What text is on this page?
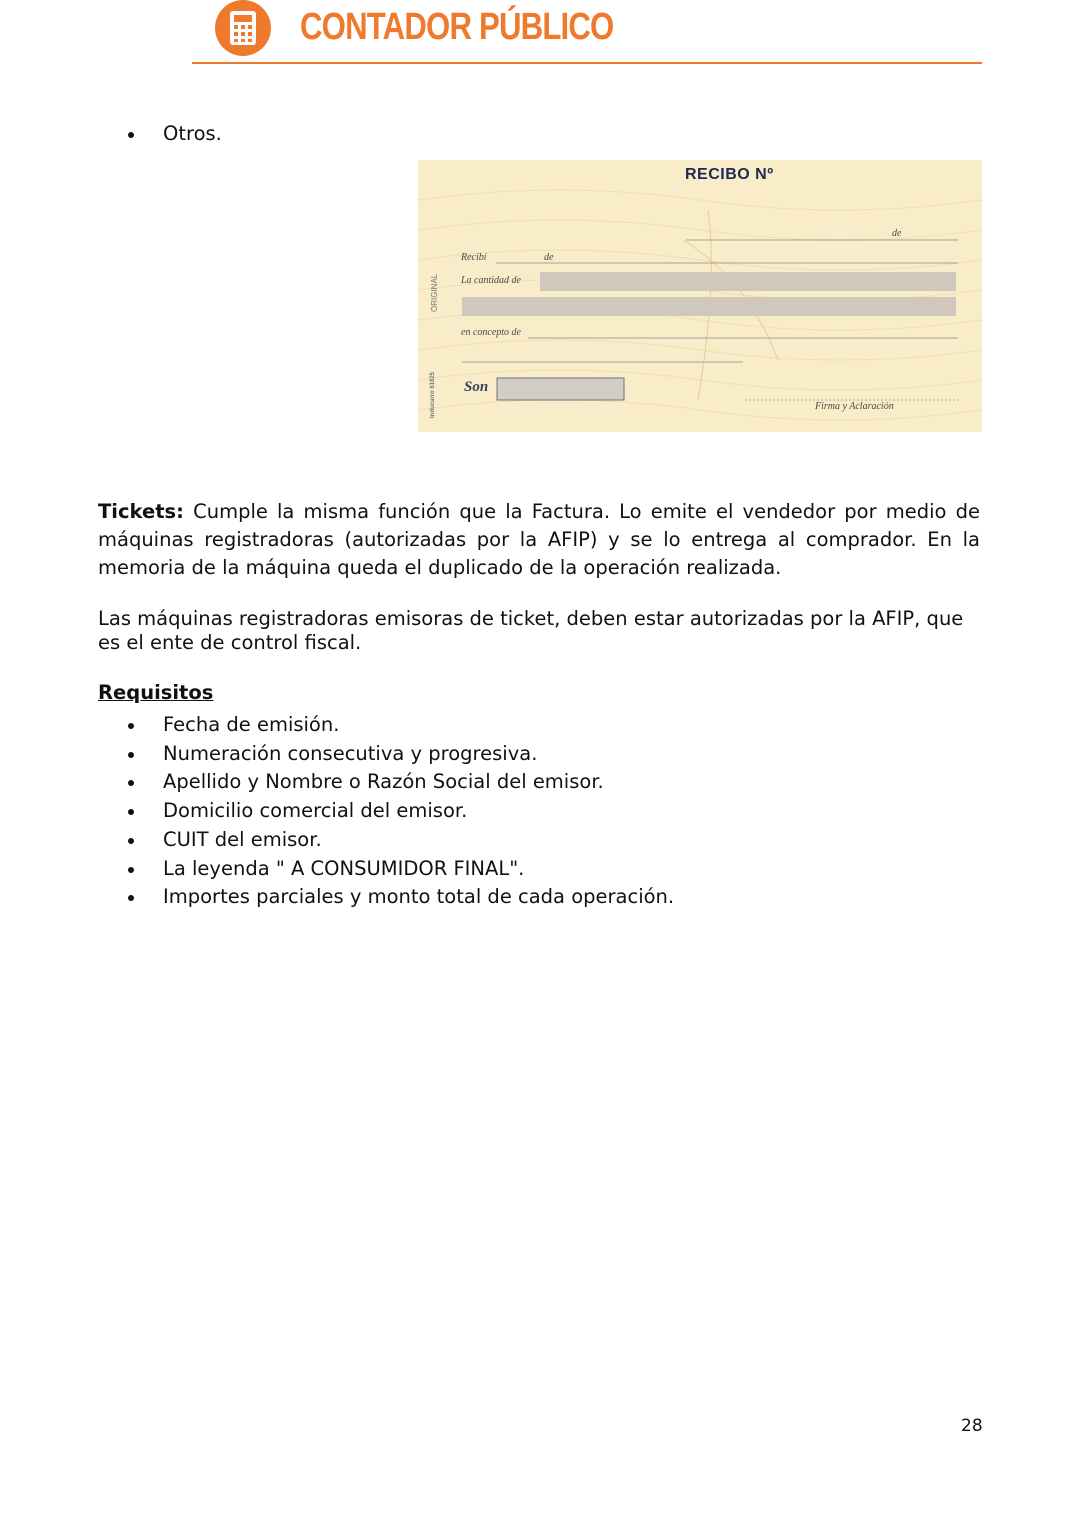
CONTADOR PÚBLICO
Otros.
RECIBO Nº
de
Recibí	de
La cantidad de
en concepto de
Son
Firma y Aclaración
ORIGINAL
Inducarro 61825

Tickets: Cumple la misma función que la Factura. Lo emite el vendedor por medio de máquinas registradoras (autorizadas por la AFIP) y se lo entrega al comprador. En la memoria de la máquina queda el duplicado de la operación realizada.

Las máquinas registradoras emisoras de ticket, deben estar autorizadas por la AFIP, que es el ente de control fiscal.

Requisitos

Fecha de emisión.
Numeración consecutiva y progresiva.
Apellido y Nombre o Razón Social del emisor.
Domicilio comercial del emisor.
CUIT del emisor.
La leyenda " A CONSUMIDOR FINAL".
Importes parciales y monto total de cada operación.
28
